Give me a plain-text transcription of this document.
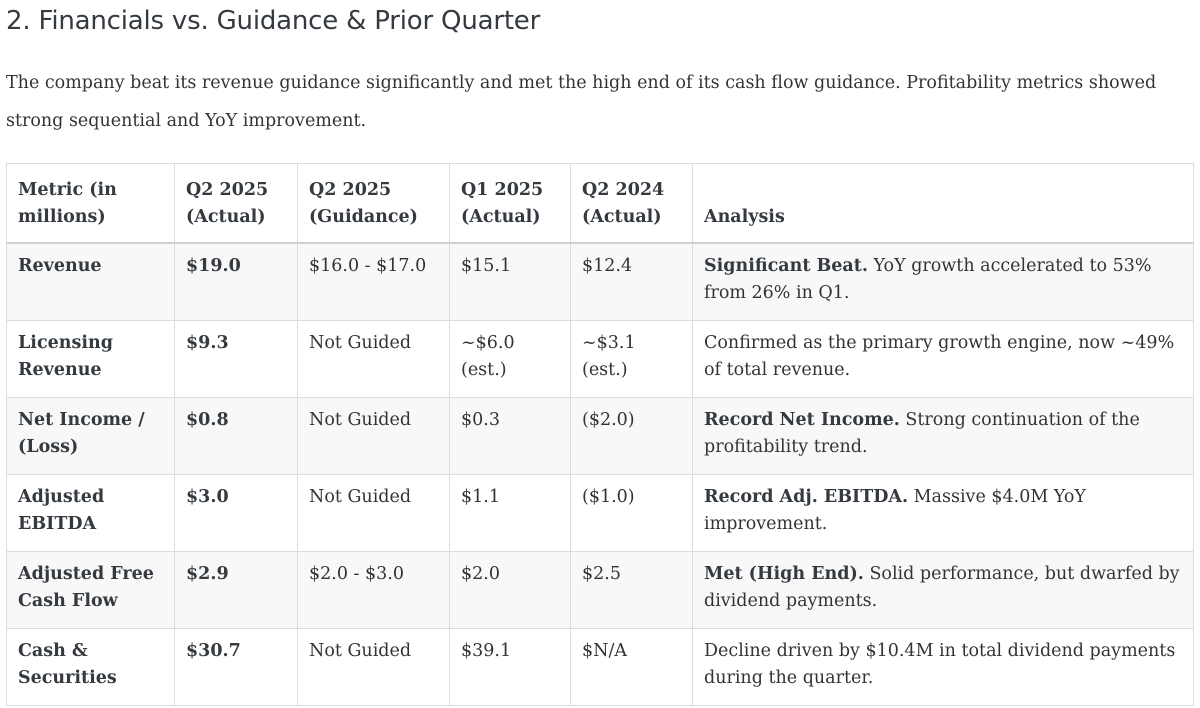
2. Financials vs. Guidance & Prior Quarter

The company beat its revenue guidance significantly and met the high end of its cash flow guidance. Profitability metrics showed strong sequential and YoY improvement.

Metric (in millions)	Q2 2025 (Actual)	Q2 2025 (Guidance)	Q1 2025 (Actual)	Q2 2024 (Actual)	Analysis
Revenue	$19.0	$16.0 - $17.0	$15.1	$12.4	Significant Beat. YoY growth accelerated to 53% from 26% in Q1.
Licensing Revenue	$9.3	Not Guided	~$6.0 (est.)	~$3.1 (est.)	Confirmed as the primary growth engine, now ~49% of total revenue.
Net Income / (Loss)	$0.8	Not Guided	$0.3	($2.0)	Record Net Income. Strong continuation of the profitability trend.
Adjusted EBITDA	$3.0	Not Guided	$1.1	($1.0)	Record Adj. EBITDA. Massive $4.0M YoY improvement.
Adjusted Free Cash Flow	$2.9	$2.0 - $3.0	$2.0	$2.5	Met (High End). Solid performance, but dwarfed by dividend payments.
Cash & Securities	$30.7	Not Guided	$39.1	$N/A	Decline driven by $10.4M in total dividend payments during the quarter.
